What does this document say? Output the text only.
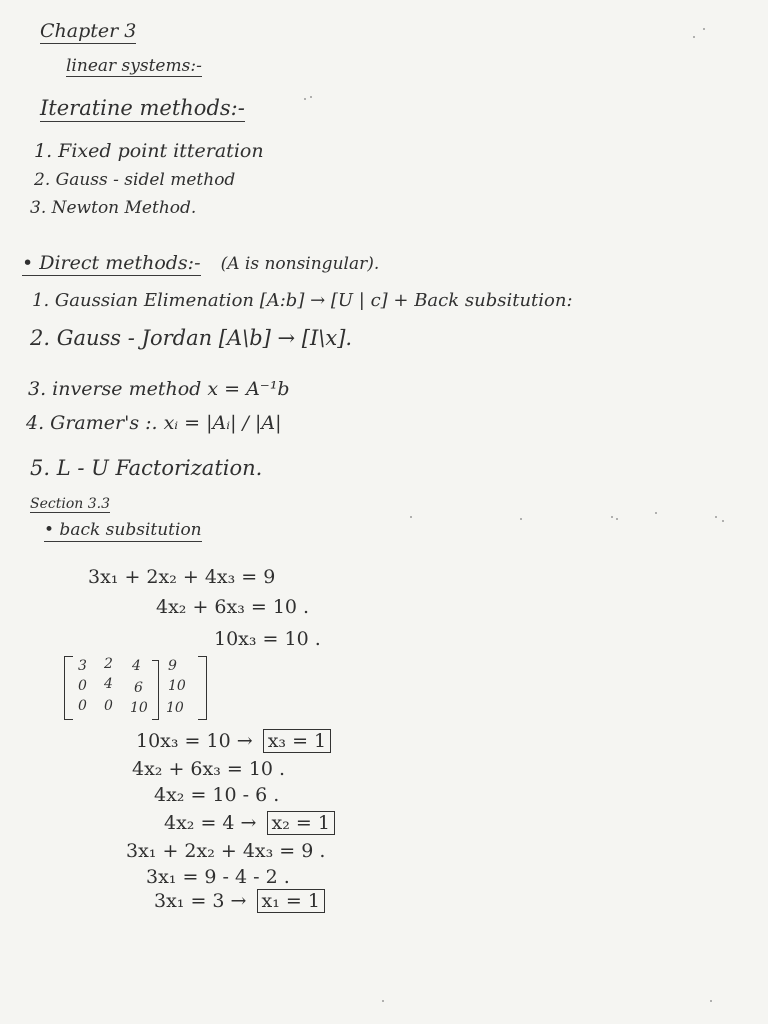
Chapter 3
linear systems:-
Iteratine methods:-
1. Fixed point itteration
2. Gauss - sidel method
3. Newton Method.
• Direct methods:- (A is nonsingular).
1. Gaussian Elimenation [A:b] → [U | c] + Back subsitution:
2. Gauss - Jordan [A\b] → [I\x].
3. inverse method x = A⁻¹b
4. Gramer's :. xᵢ = |Aᵢ| / |A|
5. L - U Factorization.
Section 3.3
• back subsitution
3x₁ + 2x₂ + 4x₃ = 9
4x₂ + 6x₃ = 10 .
10x₃ = 10 .
3 2 4 9
0 4 6 10
0 0 10 10
10x₃ = 10 → x₃ = 1
4x₂ + 6x₃ = 10 .
4x₂ = 10 - 6 .
4x₂ = 4 → x₂ = 1
3x₁ + 2x₂ + 4x₃ = 9 .
3x₁ = 9 - 4 - 2 .
3x₁ = 3 → x₁ = 1
